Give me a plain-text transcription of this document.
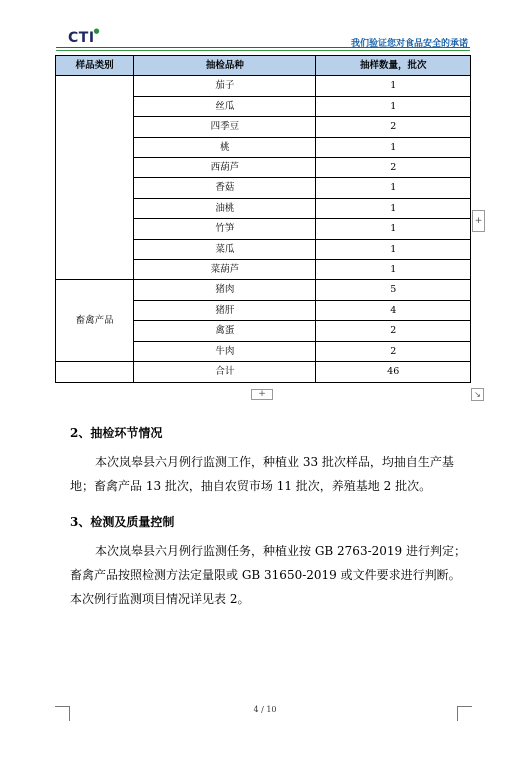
CTI●
我们验证您对食品安全的承诺
样品类别	抽检品种	抽样数量，批次
	茄子	1
	丝瓜	1
	四季豆	2
	桃	1
	西葫芦	2
	香菇	1
	油桃	1
	竹笋	1
	菜瓜	1
	菜葫芦	1
畜禽产品	猪肉	5
	猪肝	4
	禽蛋	2
	牛肉	2
	合计	46
+
+	↘
2、抽检环节情况
本次岚皋县六月例行监测工作，种植业 33 批次样品，均抽自生产基地；畜禽产品 13 批次，抽自农贸市场 11 批次，养殖基地 2 批次。
3、检测及质量控制
本次岚皋县六月例行监测任务，种植业按 GB 2763-2019 进行判定；畜禽产品按照检测方法定量限或 GB 31650-2019 或文件要求进行判断。本次例行监测项目情况详见表 2。
4 / 10
